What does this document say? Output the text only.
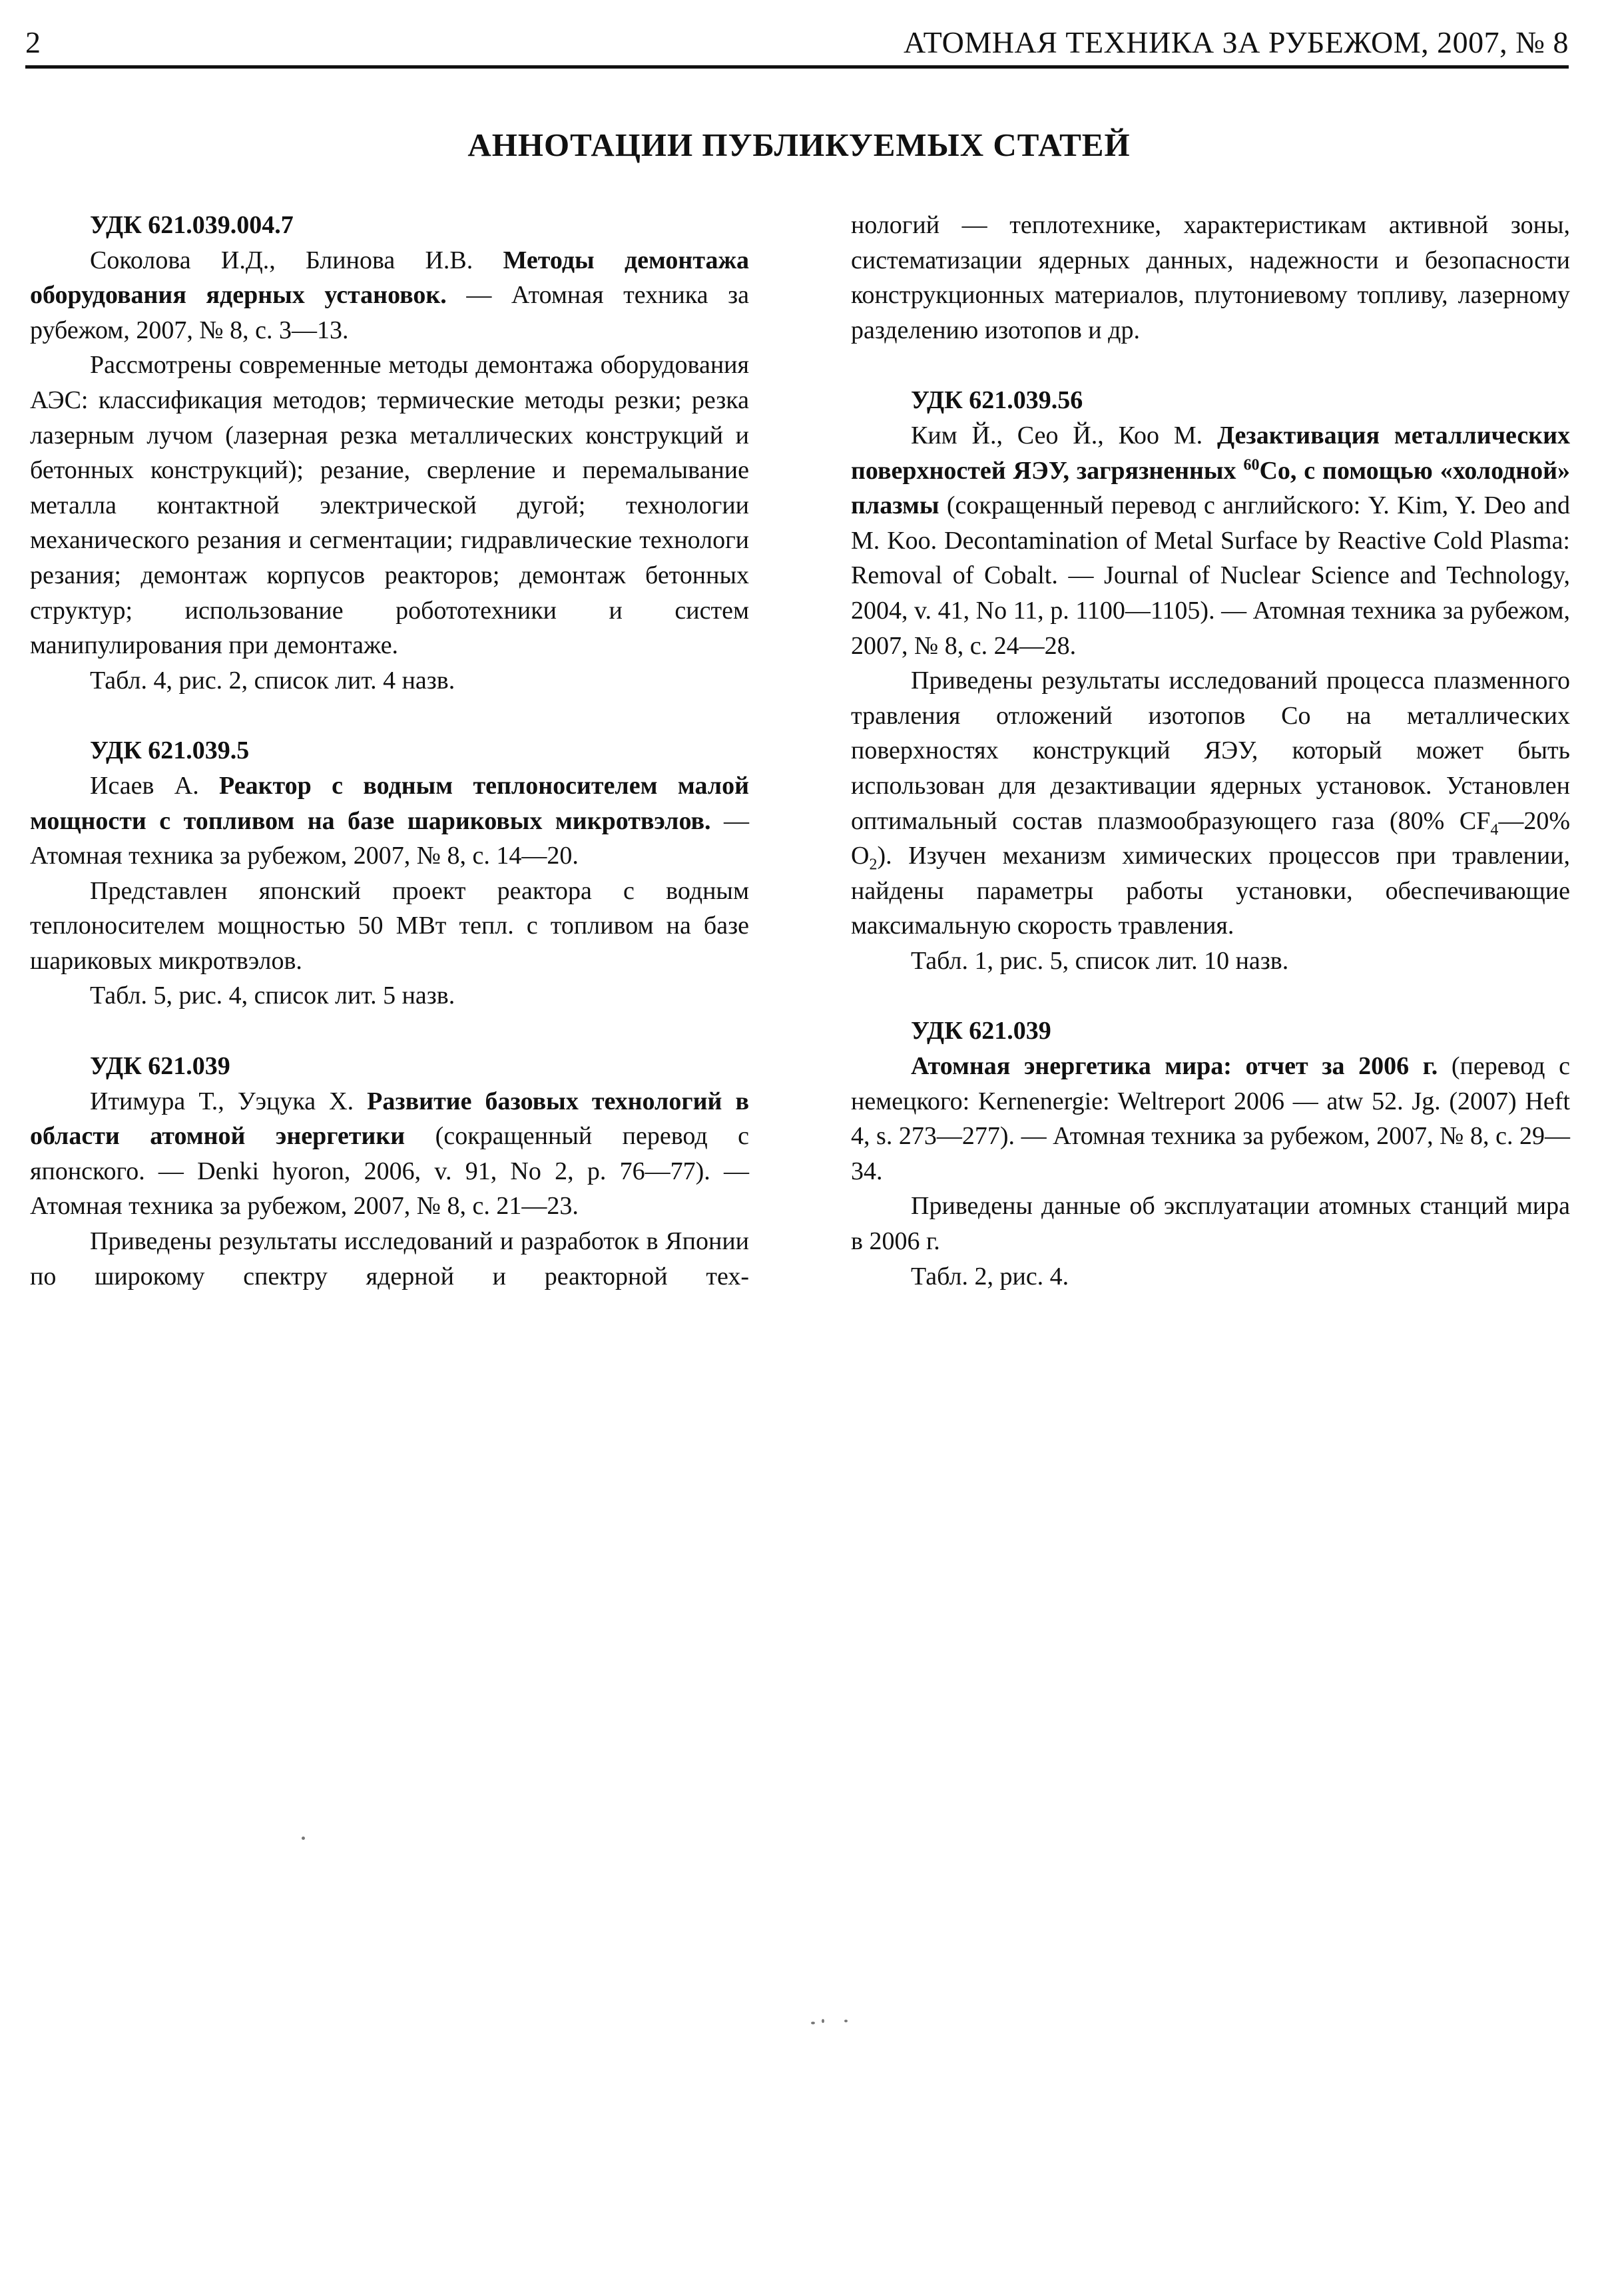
2	АТОМНАЯ ТЕХНИКА ЗА РУБЕЖОМ, 2007, № 8
АННОТАЦИИ ПУБЛИКУЕМЫХ СТАТЕЙ
УДК 621.039.004.7

Соколова И.Д., Блинова И.В. Методы демонтажа оборудования ядерных установок. — Атомная техника за рубежом, 2007, № 8, с. 3—13.

Рассмотрены современные методы демонтажа оборудования АЭС: классификация методов; термические методы резки; резка лазерным лучом (лазерная резка металлических конструкций и бетонных конструкций); резание, сверление и перемалывание металла контактной электрической дугой; технологии механического резания и сегментации; гидравлические технологи резания; демонтаж корпусов реакторов; демонтаж бетонных структур; использование робототехники и систем манипулирования при демонтаже.

Табл. 4, рис. 2, список лит. 4 назв.

УДК 621.039.5

Исаев А. Реактор с водным теплоносителем малой мощности с топливом на базе шариковых микротвэлов. — Атомная техника за рубежом, 2007, № 8, с. 14—20.

Представлен японский проект реактора с водным теплоносителем мощностью 50 МВт тепл. с топливом на базе шариковых микротвэлов.

Табл. 5, рис. 4, список лит. 5 назв.

УДК 621.039

Итимура Т., Уэцука Х. Развитие базовых технологий в области атомной энергетики (сокращенный перевод с японского. — Denki hyoron, 2006, v. 91, No 2, p. 76—77). — Атомная техника за рубежом, 2007, № 8, с. 21—23.

Приведены результаты исследований и разработок в Японии по широкому спектру ядерной и реакторной тех-

нологий — теплотехнике, характеристикам активной зоны, систематизации ядерных данных, надежности и безопасности конструкционных материалов, плутониевому топливу, лазерному разделению изотопов и др.

УДК 621.039.56

Ким Й., Сео Й., Коо М. Дезактивация металлических поверхностей ЯЭУ, загрязненных $^{60}$Co, с помощью «холодной» плазмы (сокращенный перевод с английского: Y. Kim, Y. Deo and M. Koo. Decontamination of Metal Surface by Reactive Cold Plasma: Removal of Cobalt. — Journal of Nuclear Science and Technology, 2004, v. 41, No 11, p. 1100—1105). — Атомная техника за рубежом, 2007, № 8, с. 24—28.

Приведены результаты исследований процесса плазменного травления отложений изотопов Co на металлических поверхностях конструкций ЯЭУ, который может быть использован для дезактивации ядерных установок. Установлен оптимальный состав плазмообразующего газа (80% $CF_4—20\%$ $O_2$). Изучен механизм химических процессов при травлении, найдены параметры работы установки, обеспечивающие максимальную скорость травления.

Табл. 1, рис. 5, список лит. 10 назв.

УДК 621.039

Атомная энергетика мира: отчет за 2006 г. (перевод с немецкого: Kernenergie: Weltreport 2006 — atw 52. Jg. (2007) Heft 4, s. 273—277). — Атомная техника за рубежом, 2007, № 8, с. 29—34.

Приведены данные об эксплуатации атомных станций мира в 2006 г.

Табл. 2, рис. 4.
